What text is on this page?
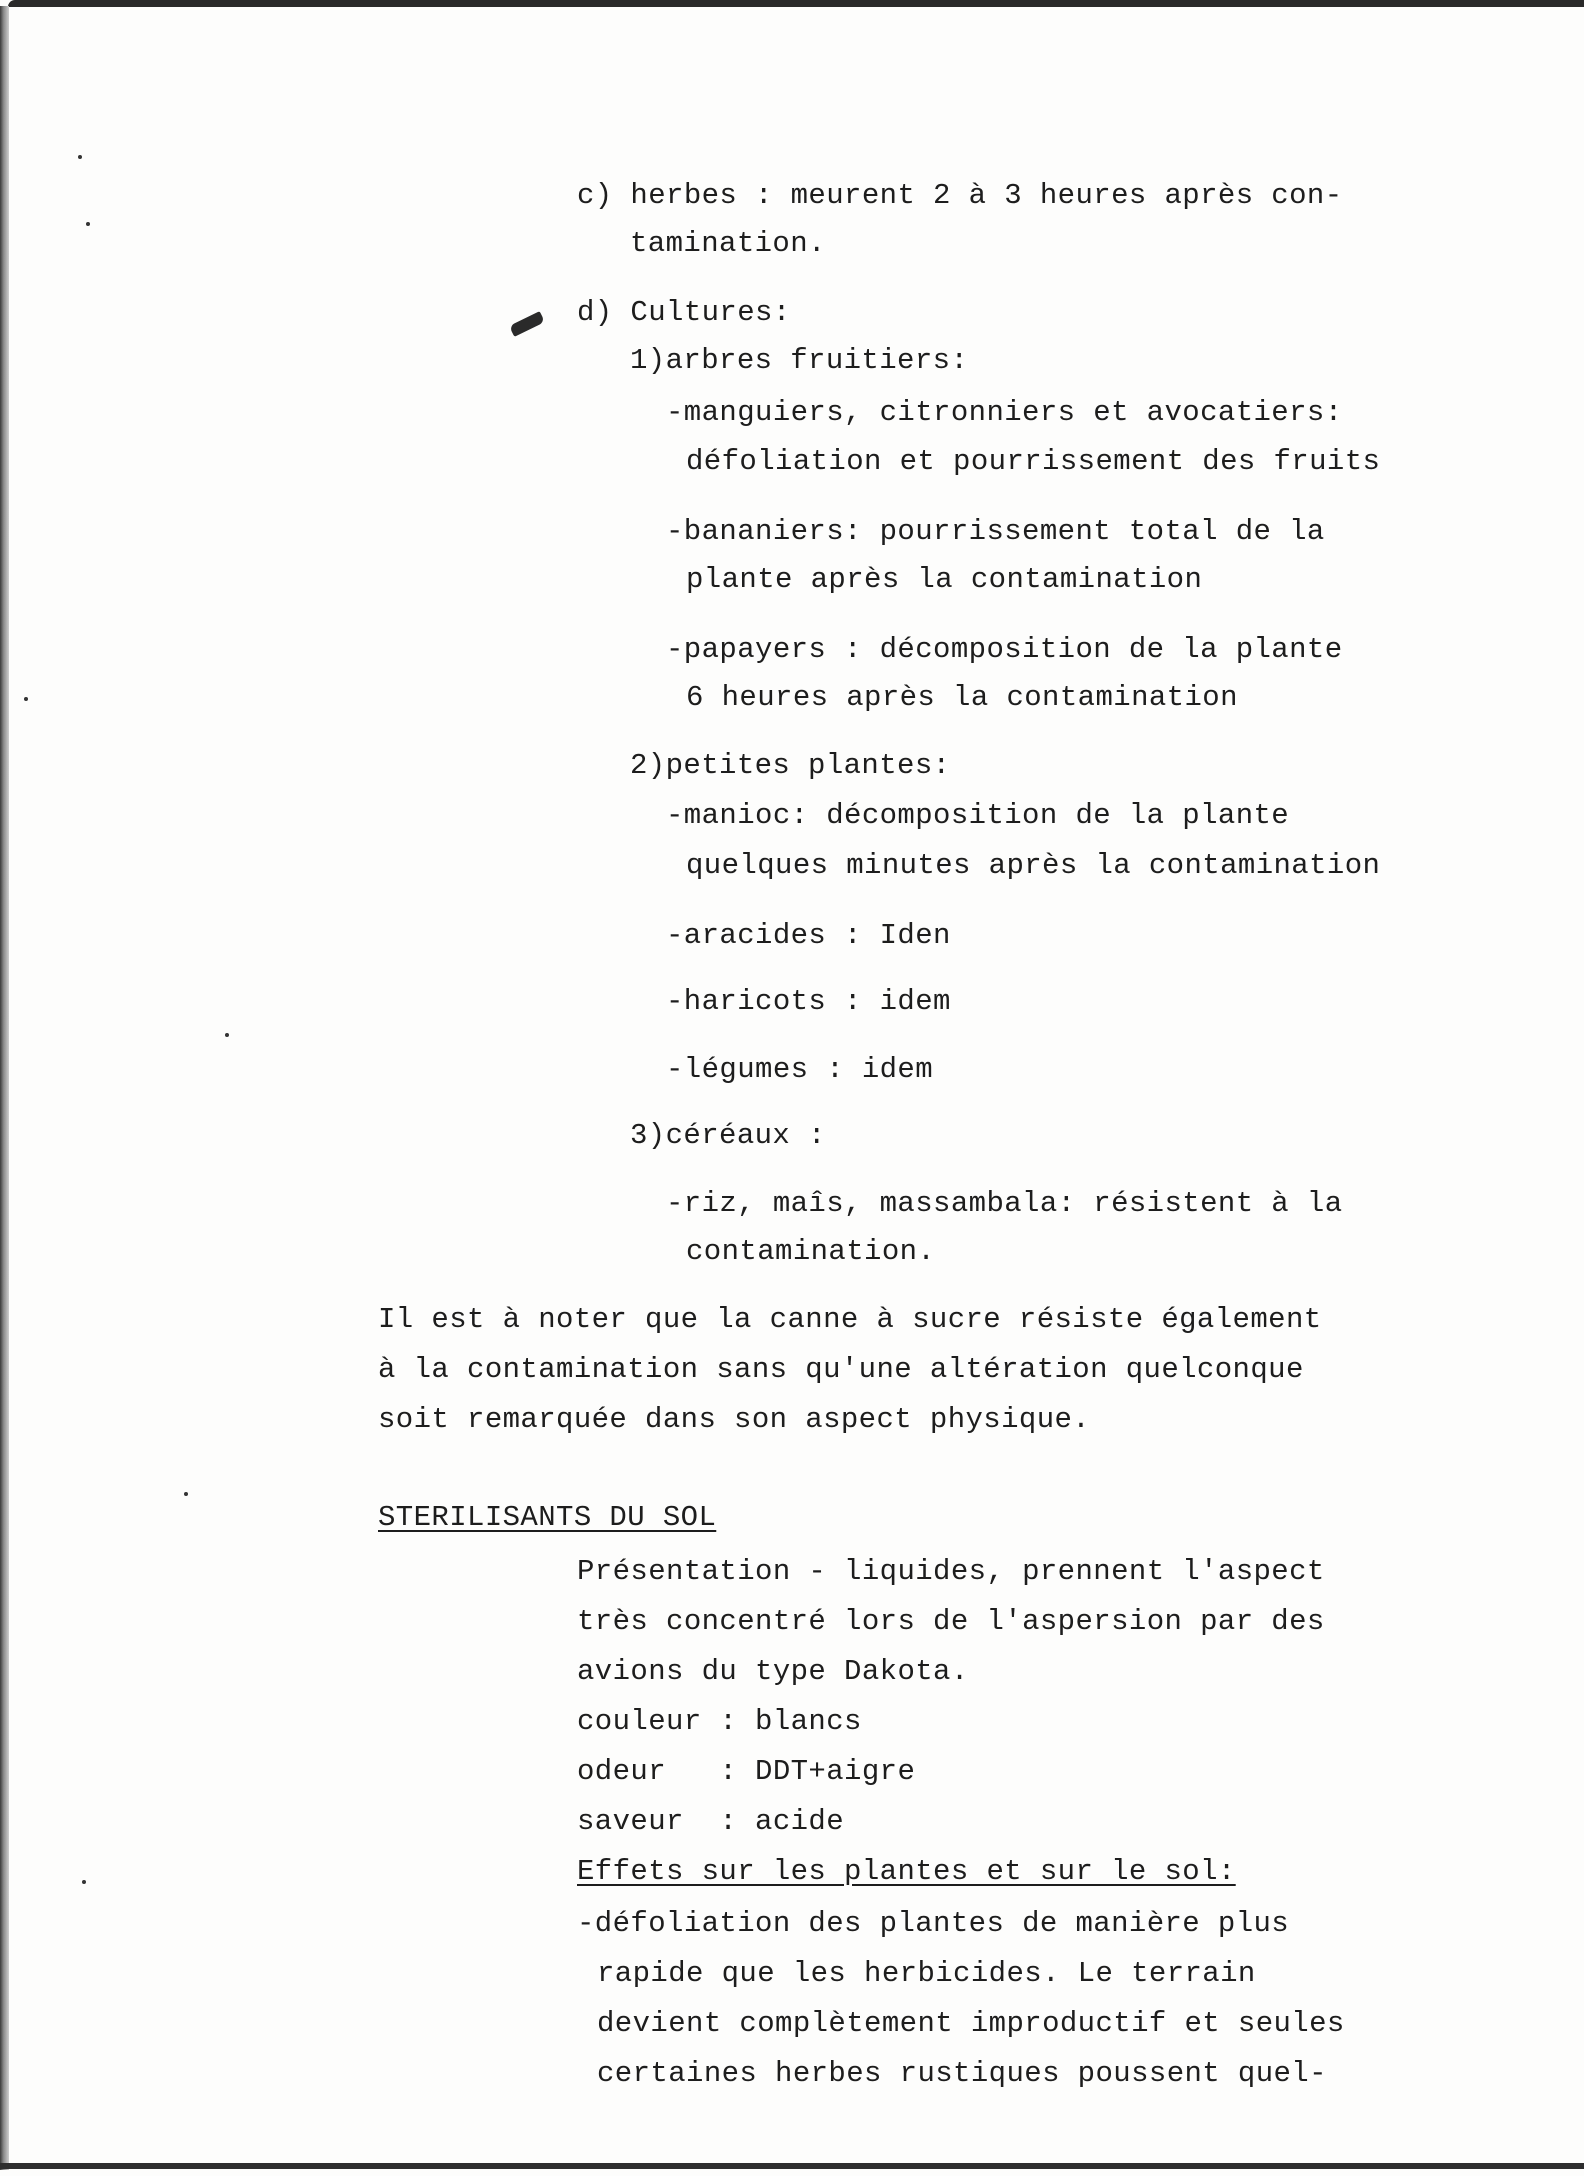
c) herbes : meurent 2 à 3 heures après con-
tamination.
d) Cultures:
1)arbres fruitiers:
-manguiers, citronniers et avocatiers:
défoliation et pourrissement des fruits
-bananiers: pourrissement total de la
plante après la contamination
-papayers : décomposition de la plante
6 heures après la contamination
2)petites plantes:
-manioc: décomposition de la plante
quelques minutes après la contamination
-aracides : Iden
-haricots : idem
-légumes : idem
3)céréaux :
-riz, maîs, massambala: résistent à la
contamination.
Il est à noter que la canne à sucre résiste également
à la contamination sans qu'une altération quelconque
soit remarquée dans son aspect physique.
STERILISANTS DU SOL
Présentation - liquides, prennent l'aspect
très concentré lors de l'aspersion par des
avions du type Dakota.
couleur : blancs
odeur   : DDT+aigre
saveur  : acide
Effets sur les plantes et sur le sol:
-défoliation des plantes de manière plus
rapide que les herbicides. Le terrain
devient complètement improductif et seules
certaines herbes rustiques poussent quel-
